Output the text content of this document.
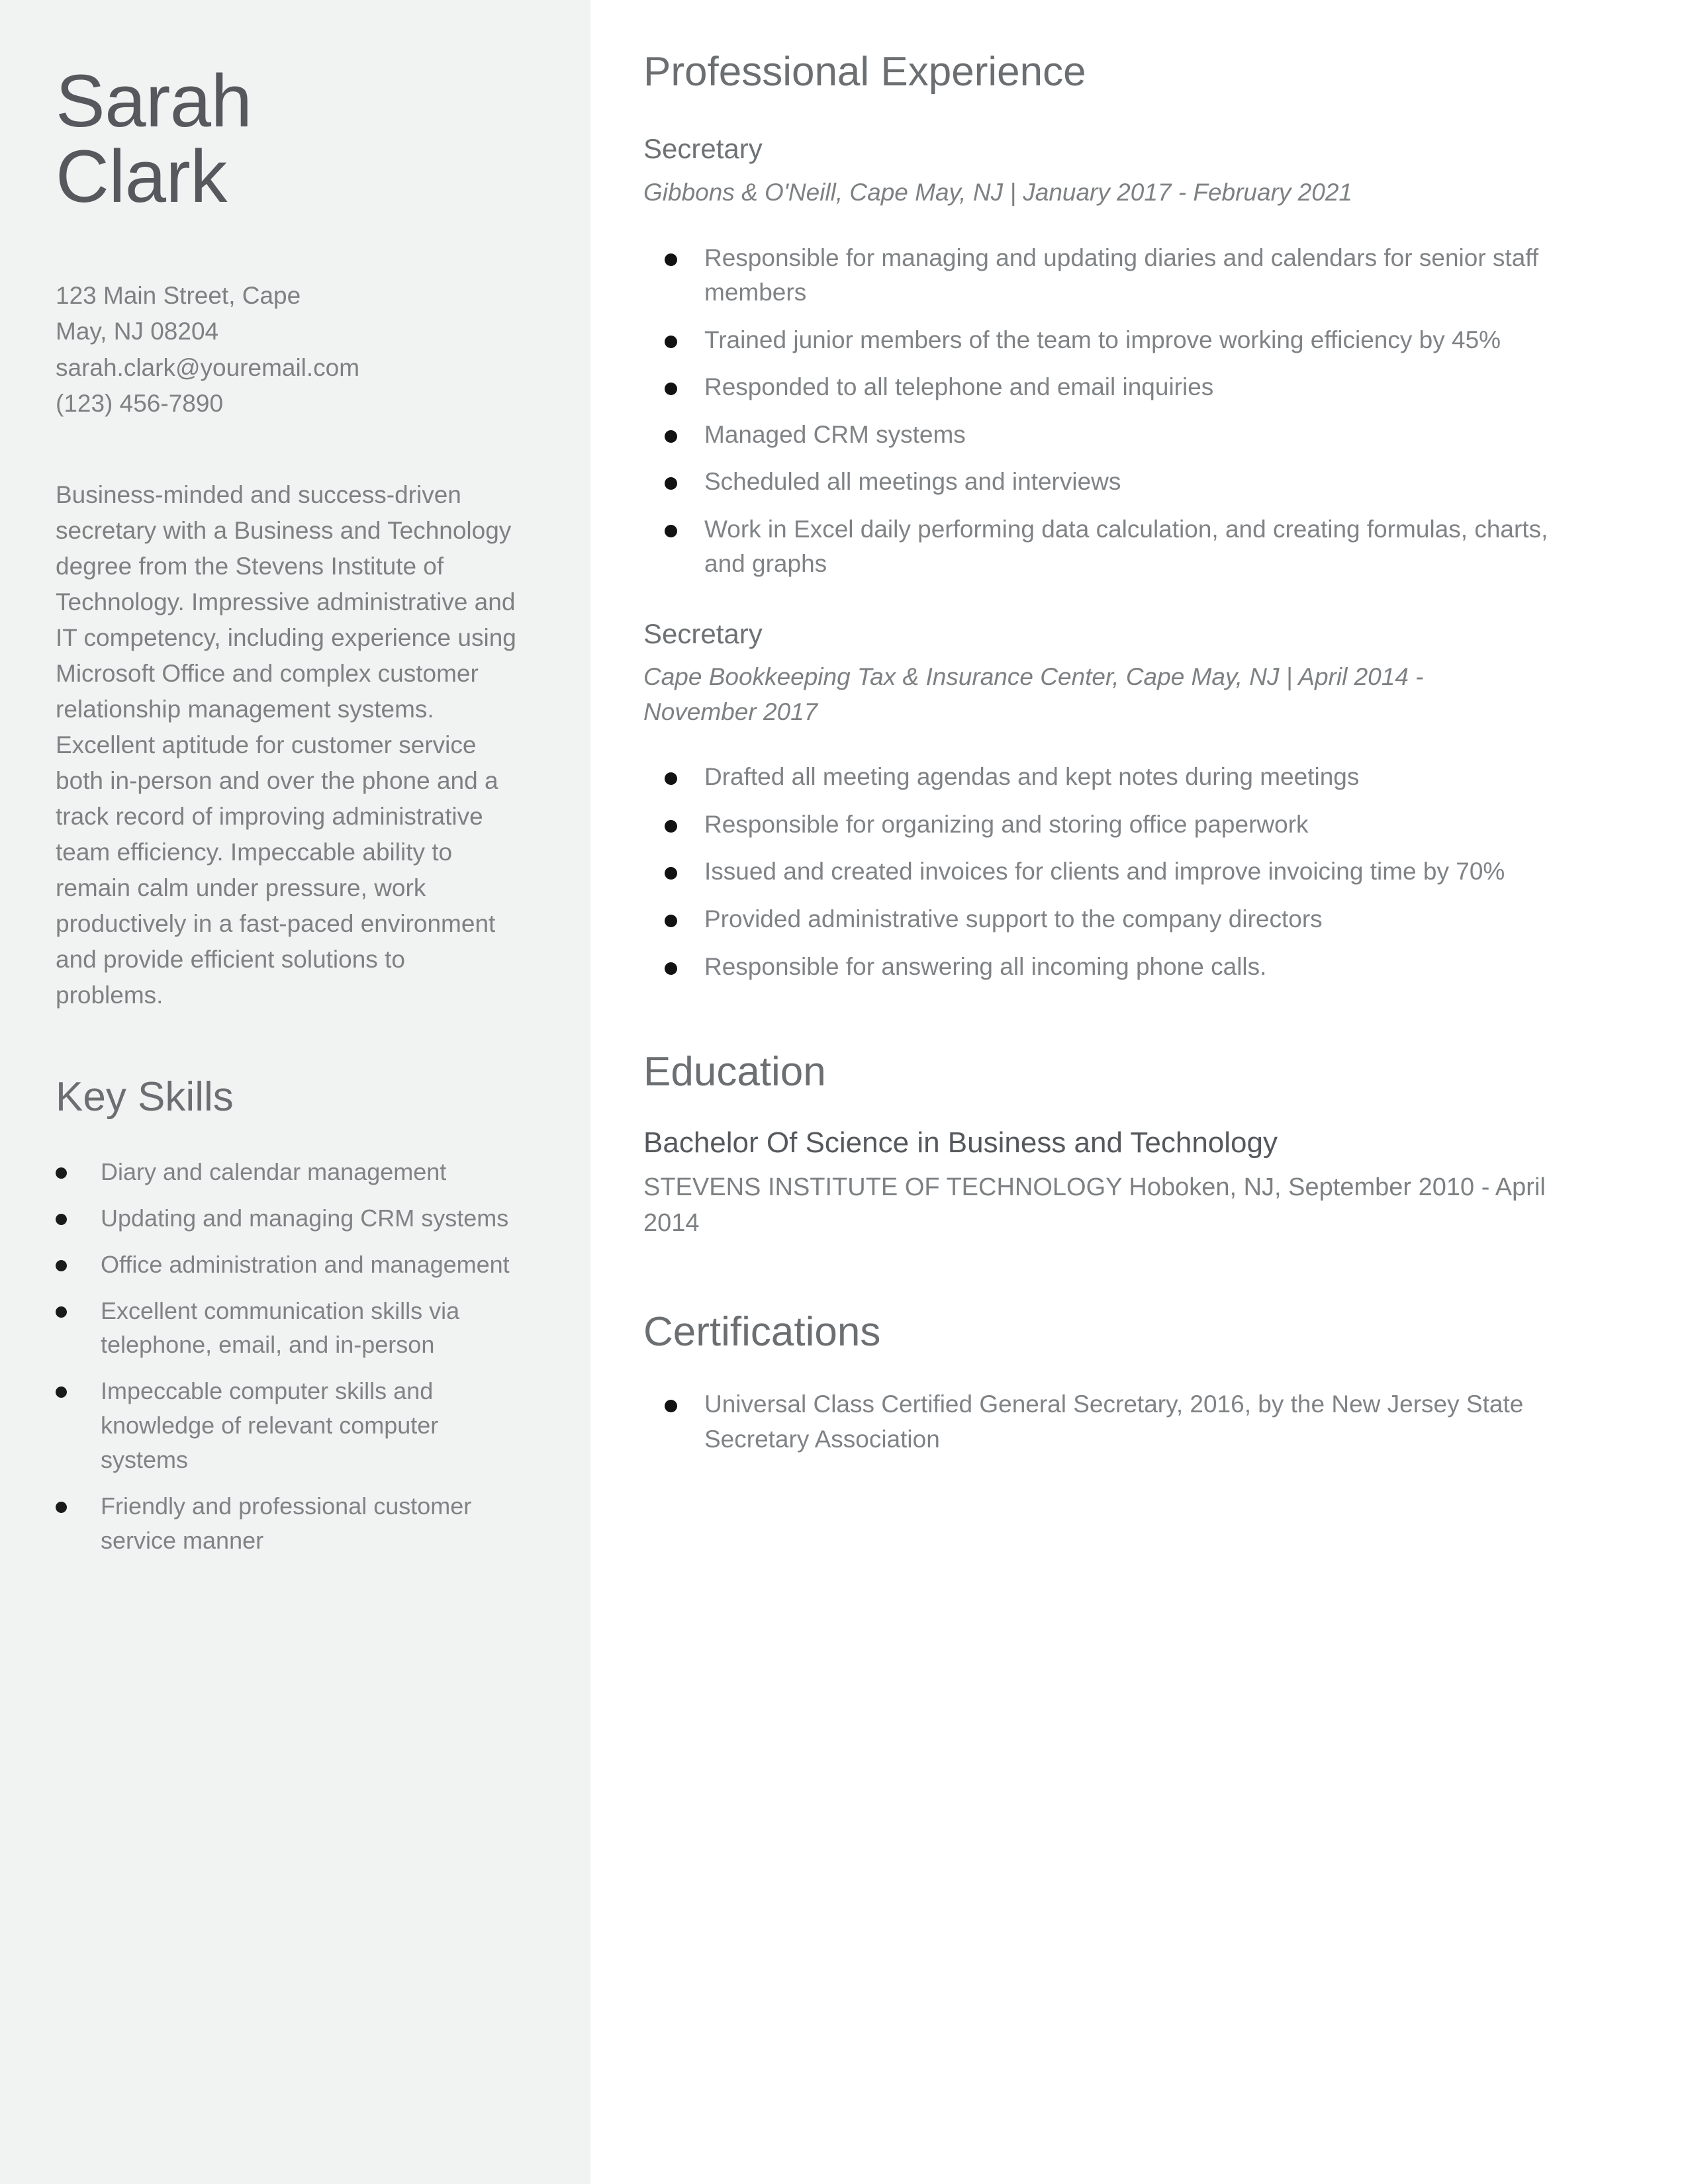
Sarah
Clark
123 Main Street, Cape
May, NJ 08204
sarah.clark@youremail.com
(123) 456-7890

Business-minded and success-driven secretary with a Business and Technology degree from the Stevens Institute of Technology. Impressive administrative and IT competency, including experience using Microsoft Office and complex customer relationship management systems. Excellent aptitude for customer service both in-person and over the phone and a track record of improving administrative team efficiency. Impeccable ability to remain calm under pressure, work productively in a fast-paced environment and provide efficient solutions to problems.

Key Skills
Diary and calendar management
Updating and managing CRM systems
Office administration and management
Excellent communication skills via telephone, email, and in-person
Impeccable computer skills and knowledge of relevant computer systems
Friendly and professional customer service manner
Professional Experience
Secretary
Gibbons & O'Neill, Cape May, NJ | January 2017 - February 2021
Responsible for managing and updating diaries and calendars for senior staff members
Trained junior members of the team to improve working efficiency by 45%
Responded to all telephone and email inquiries
Managed CRM systems
Scheduled all meetings and interviews
Work in Excel daily performing data calculation, and creating formulas, charts, and graphs
Secretary
Cape Bookkeeping Tax & Insurance Center, Cape May, NJ | April 2014 - November 2017
Drafted all meeting agendas and kept notes during meetings
Responsible for organizing and storing office paperwork
Issued and created invoices for clients and improve invoicing time by 70%
Provided administrative support to the company directors
Responsible for answering all incoming phone calls.
Education
Bachelor Of Science in Business and Technology
STEVENS INSTITUTE OF TECHNOLOGY Hoboken, NJ, September 2010 - April 2014
Certifications
Universal Class Certified General Secretary, 2016, by the New Jersey State Secretary Association
